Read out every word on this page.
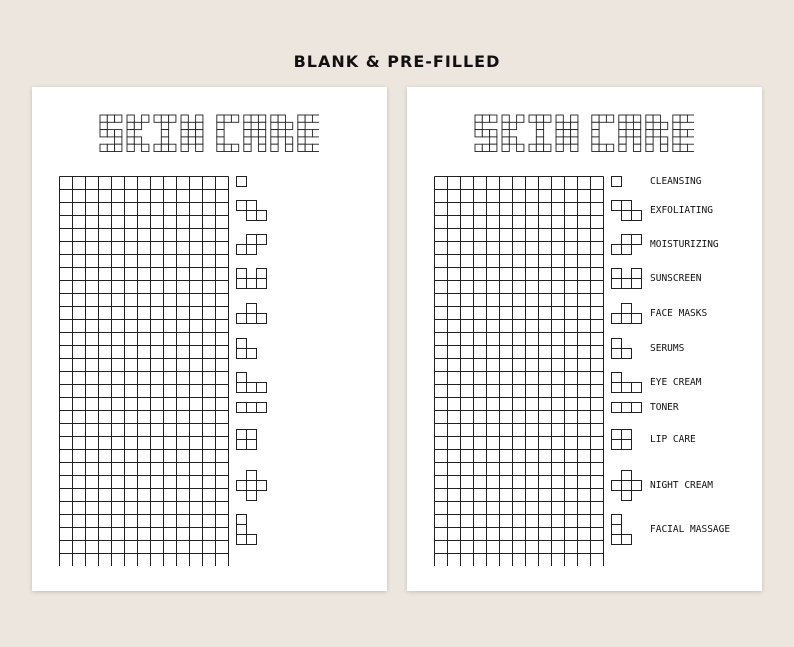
BLANK & PRE-FILLED
CLEANSING
EXFOLIATING
MOISTURIZING
SUNSCREEN
FACE MASKS
SERUMS
EYE CREAM
TONER
LIP CARE
NIGHT CREAM
FACIAL MASSAGE
